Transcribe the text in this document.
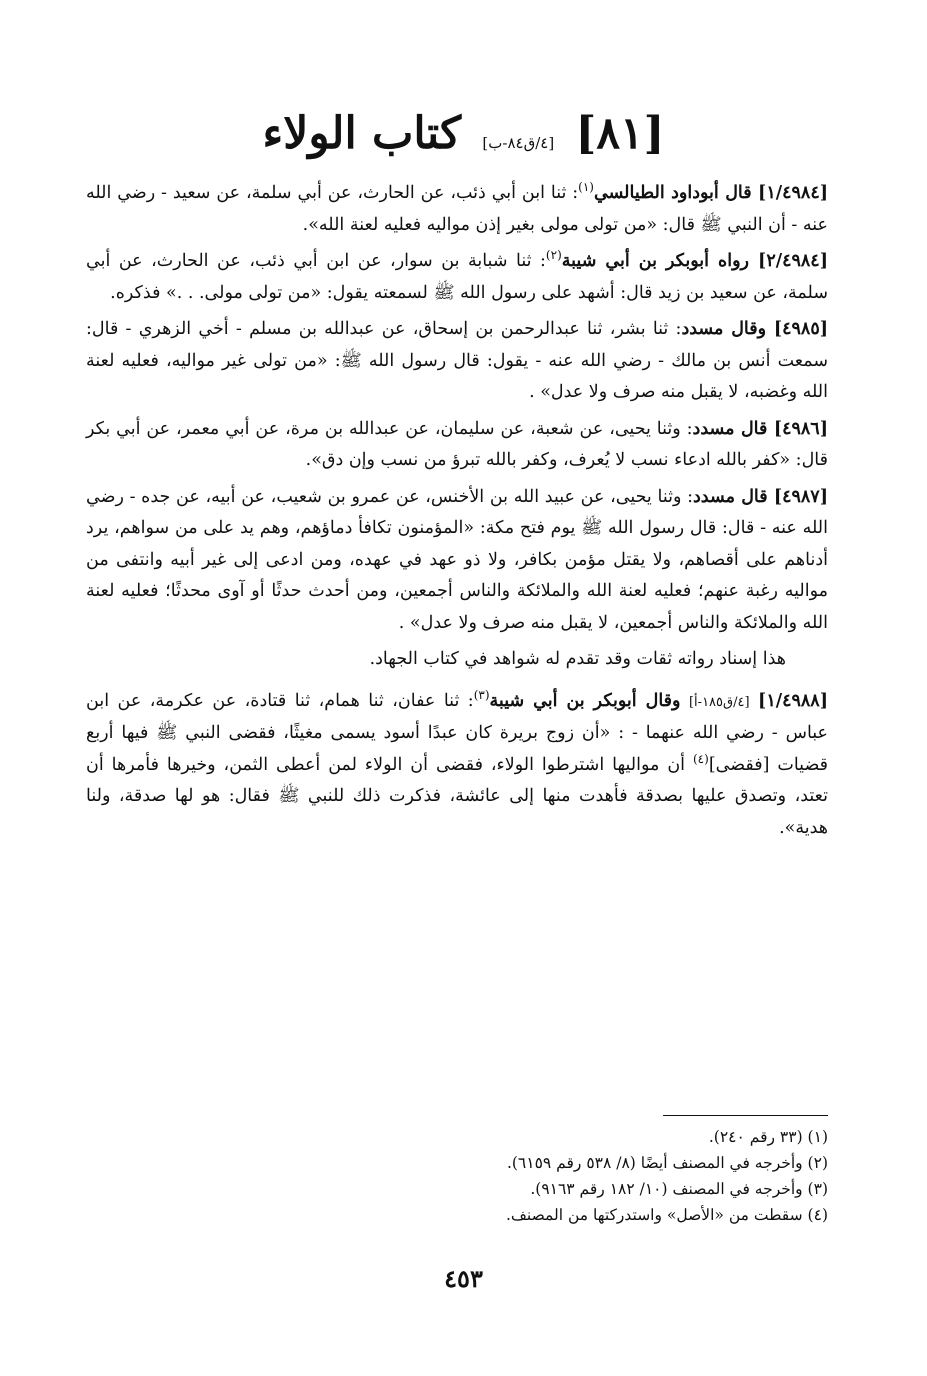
[٨١] [٤/ق٨٤-ب] كتاب الولاء

[١/٤٩٨٤] قال أبوداود الطيالسي$^{(١)}$: ثنا ابن أبي ذئب، عن الحارث، عن أبي سلمة، عن سعيد - رضي الله عنه - أن النبي ﷺ قال: «من تولى مولى بغير إذن مواليه فعليه لعنة الله».

[٢/٤٩٨٤] رواه أبوبكر بن أبي شيبة$^{(٢)}$: ثنا شبابة بن سوار، عن ابن أبي ذئب، عن الحارث، عن أبي سلمة، عن سعيد بن زيد قال: أشهد على رسول الله ﷺ لسمعته يقول: «من تولى مولى. . .» فذكره.

[٤٩٨٥] وقال مسدد: ثنا بشر، ثنا عبدالرحمن بن إسحاق، عن عبدالله بن مسلم - أخي الزهري - قال: سمعت أنس بن مالك - رضي الله عنه - يقول: قال رسول الله ﷺ: «من تولى غير مواليه، فعليه لعنة الله وغضبه، لا يقبل منه صرف ولا عدل» .

[٤٩٨٦] قال مسدد: وثنا يحيى، عن شعبة، عن سليمان، عن عبدالله بن مرة، عن أبي معمر، عن أبي بكر قال: «كفر بالله ادعاء نسب لا يُعرف، وكفر بالله تبرؤ من نسب وإن دق».

[٤٩٨٧] قال مسدد: وثنا يحيى، عن عبيد الله بن الأخنس، عن عمرو بن شعيب، عن أبيه، عن جده - رضي الله عنه - قال: قال رسول الله ﷺ يوم فتح مكة: «المؤمنون تكافأ دماؤهم، وهم يد على من سواهم، يرد أدناهم على أقصاهم، ولا يقتل مؤمن بكافر، ولا ذو عهد في عهده، ومن ادعى إلى غير أبيه وانتفى من مواليه رغبة عنهم؛ فعليه لعنة الله والملائكة والناس أجمعين، ومن أحدث حدثًا أو آوى محدثًا؛ فعليه لعنة الله والملائكة والناس أجمعين، لا يقبل منه صرف ولا عدل» .

هذا إسناد رواته ثقات وقد تقدم له شواهد في كتاب الجهاد.

[١/٤٩٨٨] [٤/ق١٨٥-أ] وقال أبوبكر بن أبي شيبة$^{(٣)}$: ثنا عفان، ثنا همام، ثنا قتادة، عن عكرمة، عن ابن عباس - رضي الله عنهما - : «أن زوج بريرة كان عبدًا أسود يسمى مغيثًا، فقضى النبي ﷺ فيها أربع قضيات [فقضى]$^{(٤)}$ أن مواليها اشترطوا الولاء، فقضى أن الولاء لمن أعطى الثمن، وخيرها فأمرها أن تعتد، وتصدق عليها بصدقة فأهدت منها إلى عائشة، فذكرت ذلك للنبي ﷺ فقال: هو لها صدقة، ولنا هدية».

(١) (٣٣ رقم ٢٤٠).
(٢) وأخرجه في المصنف أيضًا (٨/ ٥٣٨ رقم ٦١٥٩).
(٣) وأخرجه في المصنف (١٠/ ١٨٢ رقم ٩١٦٣).
(٤) سقطت من «الأصل» واستدركتها من المصنف.
٤٥٣
